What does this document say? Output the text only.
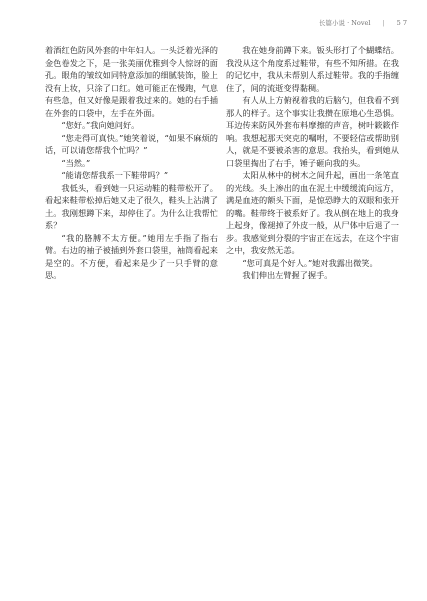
长篇小说 · Novel | 5 7

着酒红色防风外套的中年妇人。一头泛着光泽的金色卷发之下，是一张美丽优雅到令人惊讶的面孔。眼角的皱纹如同特意添加的细腻装饰，脸上没有上妆，只涂了口红。她可能正在慢跑，气息有些急，但又好像是跟着我过来的。她的右手插在外套的口袋中，左手在外面。

“您好。”我向她问好。

“您走得可真快。”她笑着说，“如果不麻烦的话，可以请您帮我个忙吗？”

“当然。”

“能请您帮我系一下鞋带吗？”

我低头，看到她一只运动鞋的鞋带松开了。看起来鞋带松掉后她又走了很久，鞋头上沾满了土。我刚想蹲下来，却停住了。为什么让我帮忙系？

“我的胳膊不太方便。”她用左手指了指右臂。右边的袖子被插到外套口袋里，袖筒看起来是空的。不方便，看起来是少了一只手臂的意思。

我在她身前蹲下来。钣头形打了个蝴蝶结。我没从这个角度系过鞋带，有些不知所措。在我的记忆中，我从未帮别人系过鞋带。我的手指缠住了，间的流逝变得黏稠。

有人从上方俯视着我的后脑勺，但我看不到那人的样子。这个事实让我攒在原地心生恐惧。耳边传来防风外套布料摩擦的声音，树叶簌簌作响。我想起那天突克的嘱咐，不要轻信或帮助别人，就是不要被杀害的意思。我抬头，看到她从口袋里掏出了右手，锤子砸向我的头。

太阳从林中的树木之间升起，画出一条笔直的光线。头上渗出的血在泥土中缓缓流向远方，满是血迹的额头下面，是惊恐睁大的双眼和张开的嘴。鞋带终于被系好了。我从倒在地上的我身上起身，像褪掉了外皮一般，从尸体中后退了一步。我感觉到分裂的宇宙正在远去，在这个宇宙之中，我安然无恙。

“您可真是个好人。”她对我露出微笑。

我们伸出左臂握了握手。
